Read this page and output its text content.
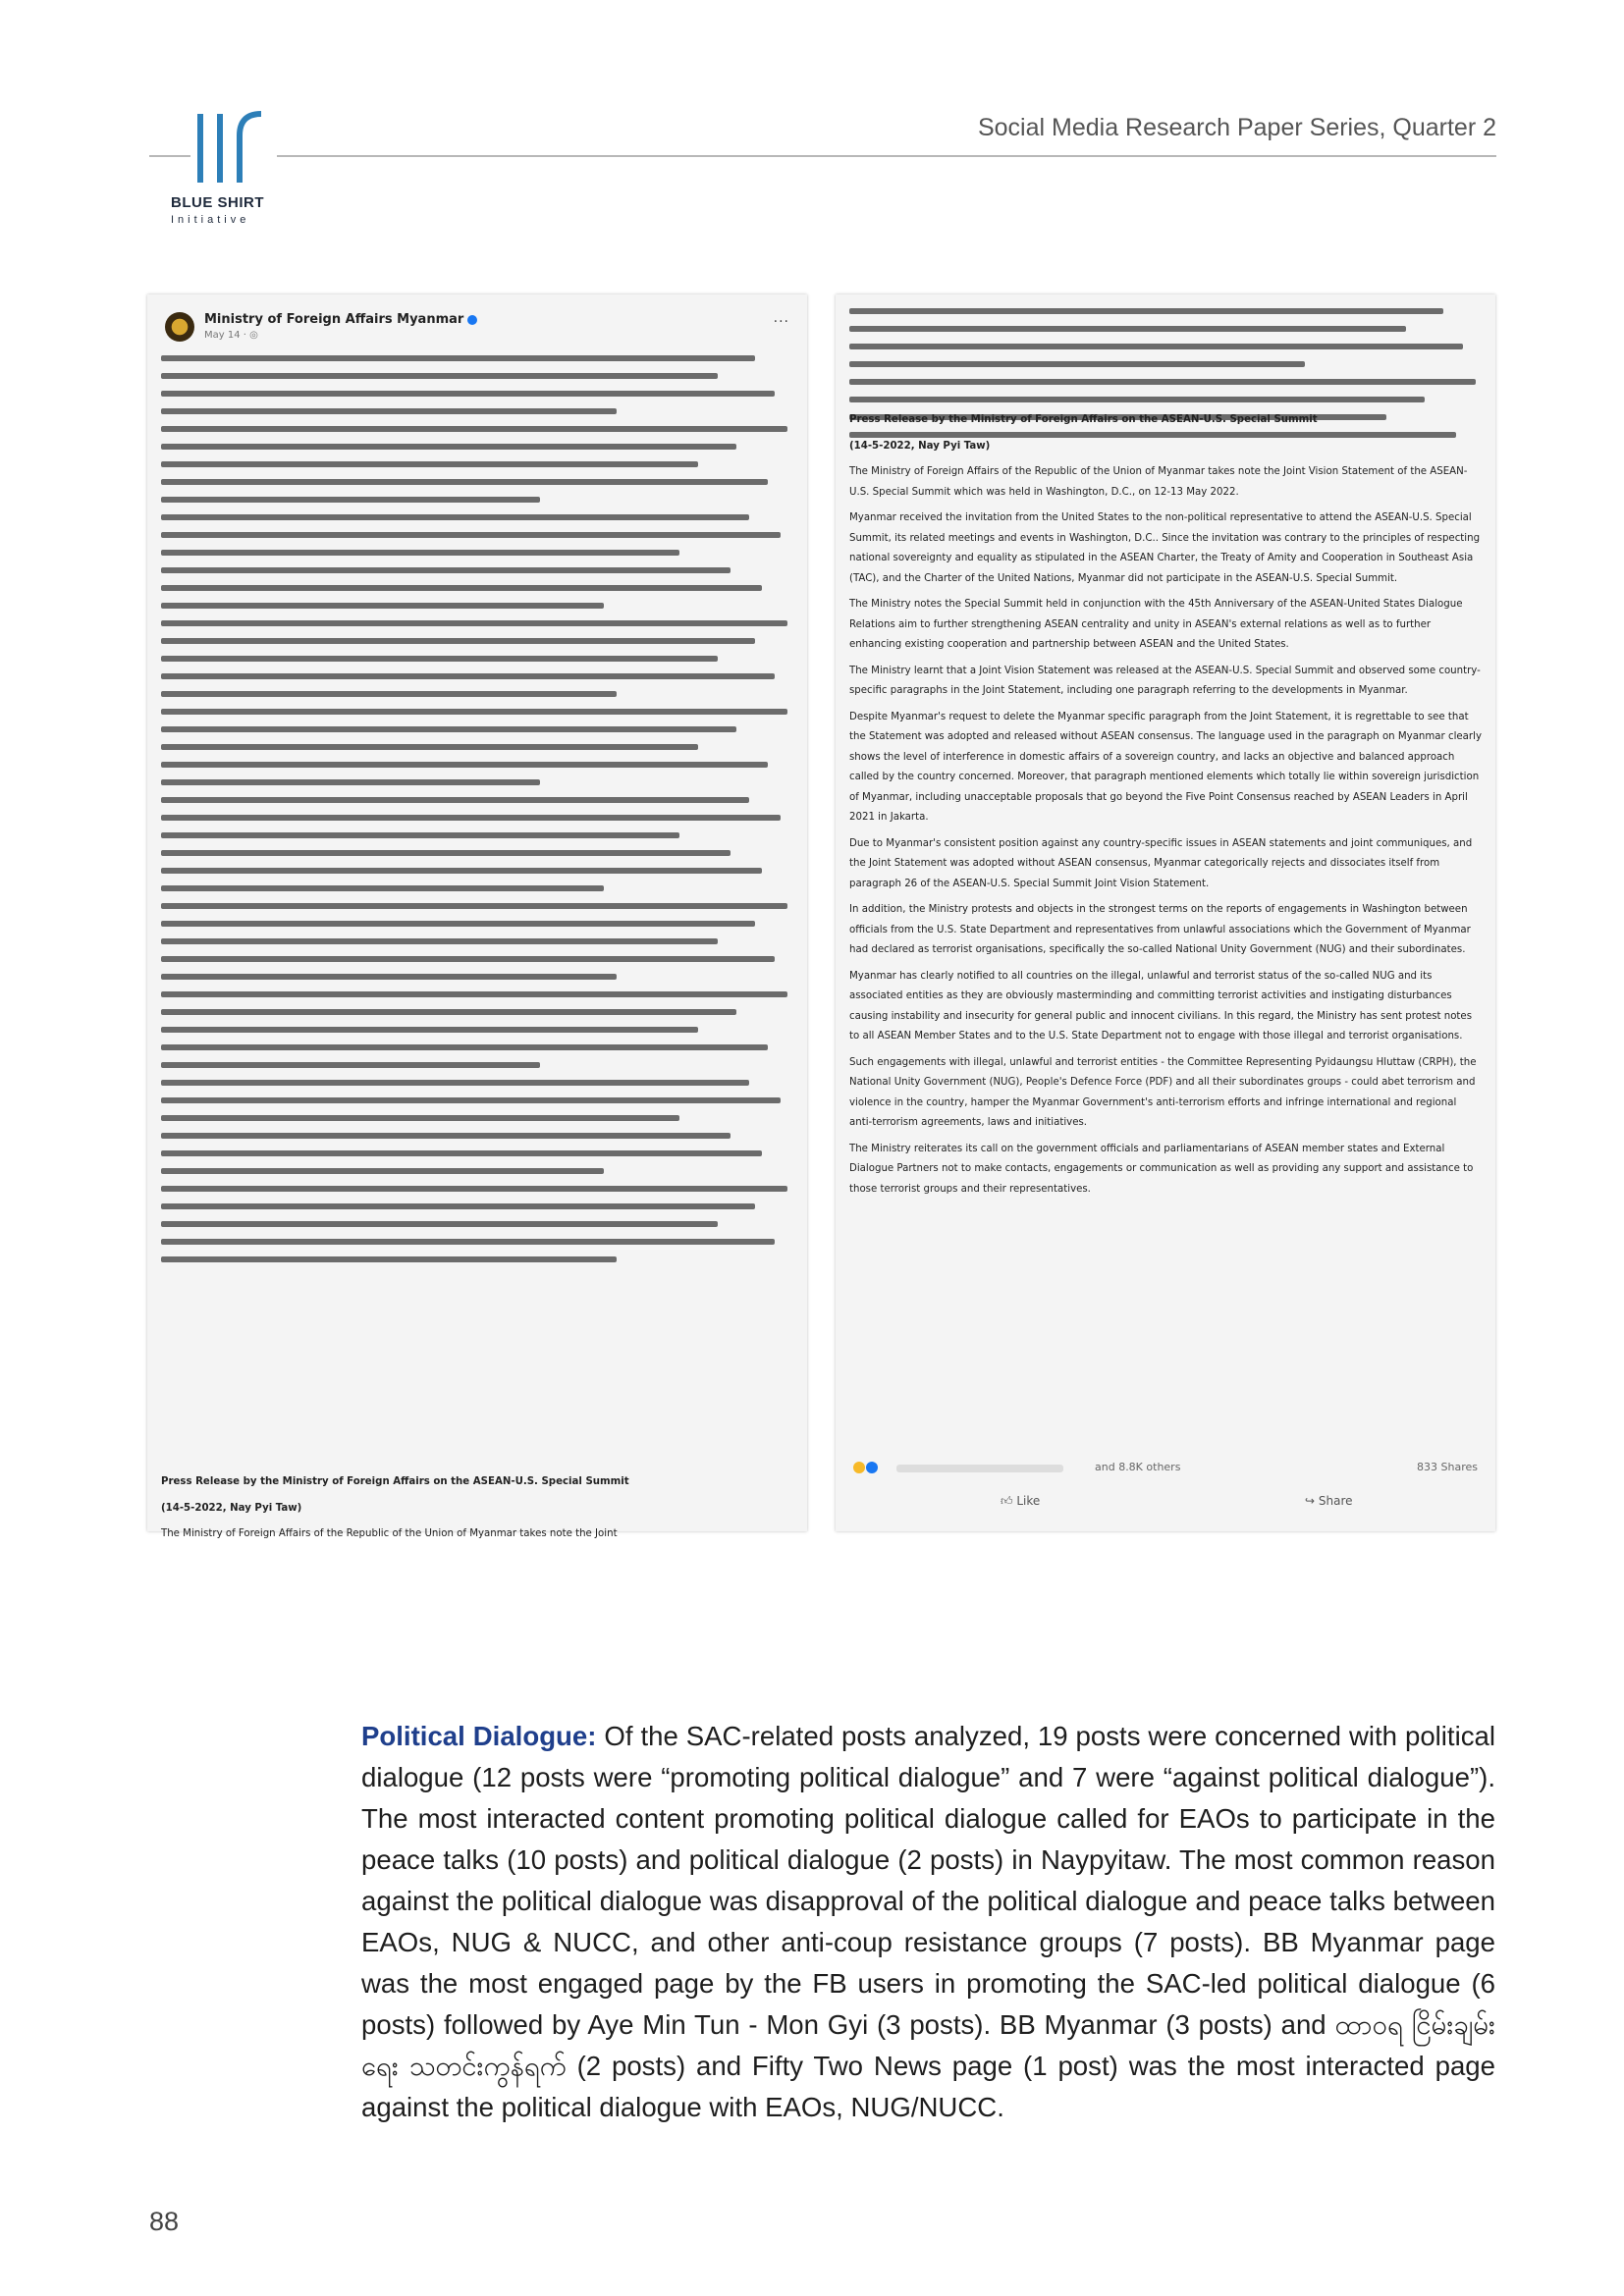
BLUE SHIRT
Initiative
Social Media Research Paper Series, Quarter 2
Ministry of Foreign Affairs Myanmar
May 14 · ◎
···

Press Release by the Ministry of Foreign Affairs on the ASEAN-U.S. Special Summit

(14-5-2022, Nay Pyi Taw)

The Ministry of Foreign Affairs of the Republic of the Union of Myanmar takes note the Joint

Press Release by the Ministry of Foreign Affairs on the ASEAN-U.S. Special Summit

(14-5-2022, Nay Pyi Taw)

The Ministry of Foreign Affairs of the Republic of the Union of Myanmar takes note the Joint Vision Statement of the ASEAN-U.S. Special Summit which was held in Washington, D.C., on 12-13 May 2022.

Myanmar received the invitation from the United States to the non-political representative to attend the ASEAN-U.S. Special Summit, its related meetings and events in Washington, D.C.. Since the invitation was contrary to the principles of respecting national sovereignty and equality as stipulated in the ASEAN Charter, the Treaty of Amity and Cooperation in Southeast Asia (TAC), and the Charter of the United Nations, Myanmar did not participate in the ASEAN-U.S. Special Summit.

The Ministry notes the Special Summit held in conjunction with the 45th Anniversary of the ASEAN-United States Dialogue Relations aim to further strengthening ASEAN centrality and unity in ASEAN's external relations as well as to further enhancing existing cooperation and partnership between ASEAN and the United States.

The Ministry learnt that a Joint Vision Statement was released at the ASEAN-U.S. Special Summit and observed some country-specific paragraphs in the Joint Statement, including one paragraph referring to the developments in Myanmar.

Despite Myanmar's request to delete the Myanmar specific paragraph from the Joint Statement, it is regrettable to see that the Statement was adopted and released without ASEAN consensus. The language used in the paragraph on Myanmar clearly shows the level of interference in domestic affairs of a sovereign country, and lacks an objective and balanced approach called by the country concerned. Moreover, that paragraph mentioned elements which totally lie within sovereign jurisdiction of Myanmar, including unacceptable proposals that go beyond the Five Point Consensus reached by ASEAN Leaders in April 2021 in Jakarta.

Due to Myanmar's consistent position against any country-specific issues in ASEAN statements and joint communiques, and the Joint Statement was adopted without ASEAN consensus, Myanmar categorically rejects and dissociates itself from paragraph 26 of the ASEAN-U.S. Special Summit Joint Vision Statement.

In addition, the Ministry protests and objects in the strongest terms on the reports of engagements in Washington between officials from the U.S. State Department and representatives from unlawful associations which the Government of Myanmar had declared as terrorist organisations, specifically the so-called National Unity Government (NUG) and their subordinates.

Myanmar has clearly notified to all countries on the illegal, unlawful and terrorist status of the so-called NUG and its associated entities as they are obviously masterminding and committing terrorist activities and instigating disturbances causing instability and insecurity for general public and innocent civilians. In this regard, the Ministry has sent protest notes to all ASEAN Member States and to the U.S. State Department not to engage with those illegal and terrorist organisations.

Such engagements with illegal, unlawful and terrorist entities - the Committee Representing Pyidaungsu Hluttaw (CRPH), the National Unity Government (NUG), People's Defence Force (PDF) and all their subordinates groups - could abet terrorism and violence in the country, hamper the Myanmar Government's anti-terrorism efforts and infringe international and regional anti-terrorism agreements, laws and initiatives.

The Ministry reiterates its call on the government officials and parliamentarians of ASEAN member states and External Dialogue Partners not to make contacts, engagements or communication as well as providing any support and assistance to those terrorist groups and their representatives.

and 8.8K others	833 Shares
👍︎ Like	↪ Share
Political Dialogue: Of the SAC-related posts analyzed, 19 posts were concerned with political dialogue (12 posts were “promoting political dialogue” and 7 were “against political dialogue”). The most interacted content promoting political dialogue called for EAOs to participate in the peace talks (10 posts) and political dialogue (2 posts) in Naypyitaw. The most common reason against the political dialogue was disapproval of the political dialogue and peace talks between EAOs, NUG & NUCC, and other anti-coup resistance groups (7 posts). BB Myanmar page was the most engaged page by the FB users in promoting the SAC-led political dialogue (6 posts) followed by Aye Min Tun - Mon Gyi (3 posts). BB Myanmar (3 posts) and ထာဝရ ငြိမ်းချမ်းရေး သတင်းကွန်ရက် (2 posts) and Fifty Two News page (1 post) was the most interacted page against the political dialogue with EAOs, NUG/NUCC.
88
